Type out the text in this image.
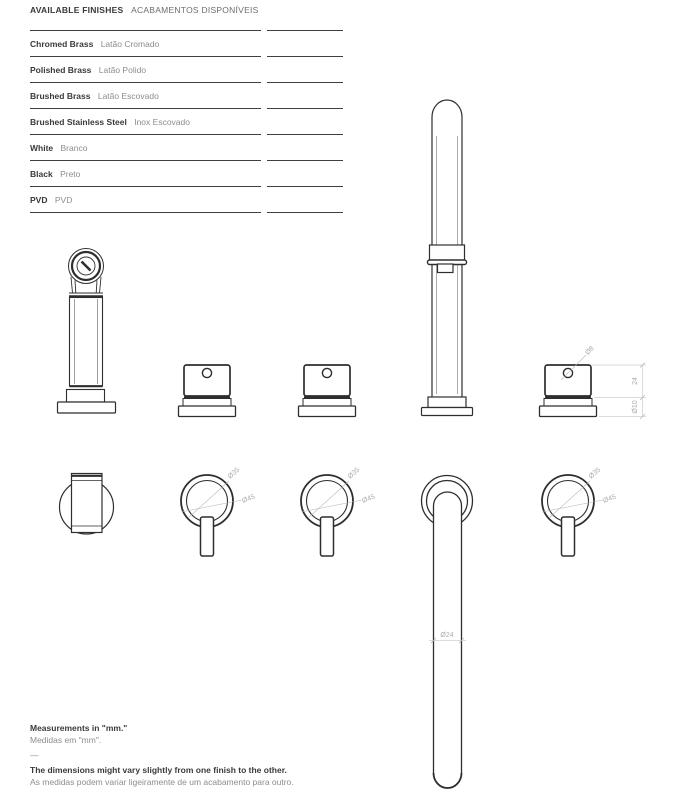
Ø8
24
Ø10
Ø35
Ø45
Ø35
Ø45
Ø24
Ø35
Ø45
AVAILABLE FINISHES ACABAMENTOS DISPONÍVEIS
Chromed Brass Latão Cromado
Polished Brass Latão Polido
Brushed Brass Latão Escovado
Brushed Stainless Steel Inox Escovado
White Branco
Black Preto
PVD PVD
Measurements in "mm."
Medidas em "mm".
—
The dimensions might vary slightly from one finish to the other.
As medidas podem variar ligeiramente de um acabamento para outro.
